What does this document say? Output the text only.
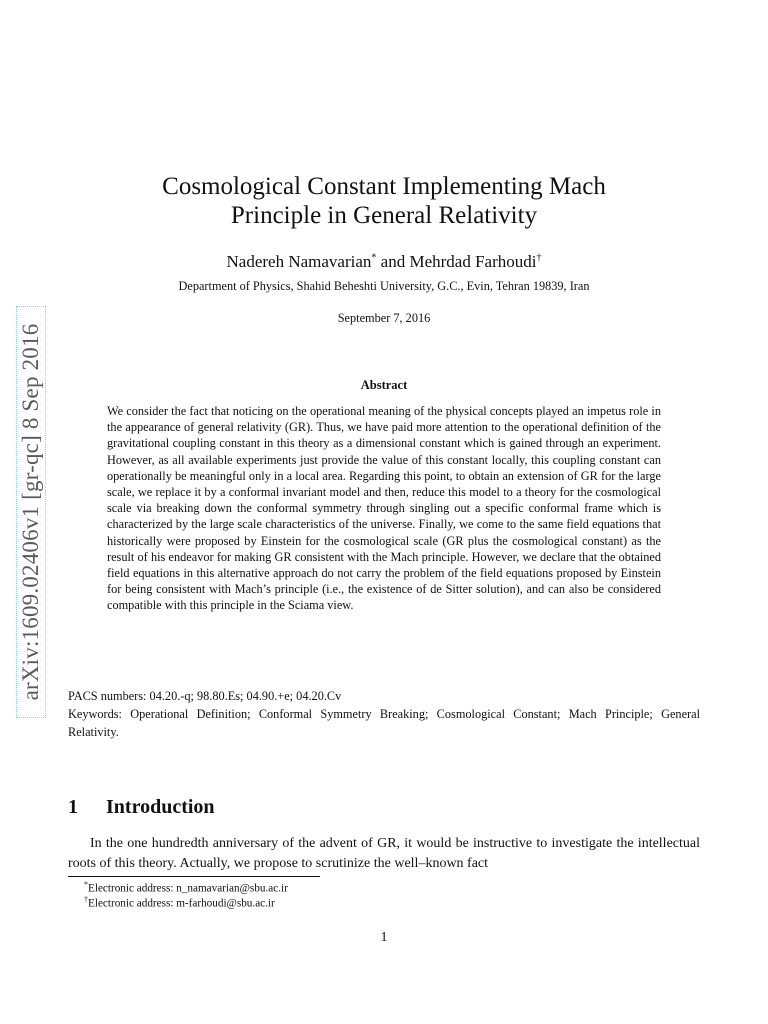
arXiv:1609.02406v1 [gr-qc] 8 Sep 2016
Cosmological Constant Implementing Mach
Principle in General Relativity
Nadereh Namavarian* and Mehrdad Farhoudi†
Department of Physics, Shahid Beheshti University, G.C., Evin, Tehran 19839, Iran
September 7, 2016
Abstract

We consider the fact that noticing on the operational meaning of the physical concepts played an impetus role in the appearance of general relativity (GR). Thus, we have paid more attention to the operational definition of the gravitational coupling constant in this theory as a dimensional constant which is gained through an experiment. However, as all available experiments just provide the value of this constant locally, this coupling constant can operationally be meaningful only in a local area. Regarding this point, to obtain an extension of GR for the large scale, we replace it by a conformal invariant model and then, reduce this model to a theory for the cosmological scale via breaking down the conformal symmetry through singling out a specific conformal frame which is characterized by the large scale characteristics of the universe. Finally, we come to the same field equations that historically were proposed by Einstein for the cosmological scale (GR plus the cosmological constant) as the result of his endeavor for making GR consistent with the Mach principle. However, we declare that the obtained field equations in this alternative approach do not carry the problem of the field equations proposed by Einstein for being consistent with Mach’s principle (i.e., the existence of de Sitter solution), and can also be considered compatible with this principle in the Sciama view.

PACS numbers: 04.20.-q; 98.80.Es; 04.90.+e; 04.20.Cv
Keywords: Operational Definition; Conformal Symmetry Breaking; Cosmological Constant; Mach Principle; General Relativity.
1 Introduction

In the one hundredth anniversary of the advent of GR, it would be instructive to investigate the intellectual roots of this theory. Actually, we propose to scrutinize the well–known fact

*Electronic address: n_namavarian@sbu.ac.ir
†Electronic address: m-farhoudi@sbu.ac.ir
1
